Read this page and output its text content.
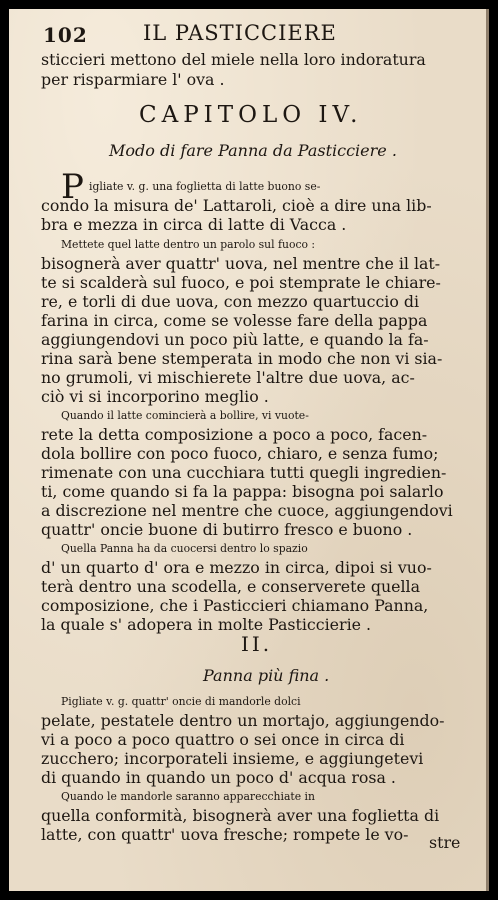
102	IL PASTICCIERE
sticcieri mettono del miele nella loro indoratura
per risparmiare l' ova .
CAPITOLO IV.
Modo di fare Panna da Pasticciere .
P igliate v. g. una foglietta di latte buono se-
condo la misura de' Lattaroli, cioè a dire una lib-
bra e mezza in circa di latte di Vacca .
Mettete quel latte dentro un parolo sul fuoco :
bisognerà aver quattr' uova, nel mentre che il lat-
te si scalderà sul fuoco, e poi stemprate le chiare-
re, e torli di due uova, con mezzo quartuccio di
farina in circa, come se volesse fare della pappa
aggiungendovi un poco più latte, e quando la fa-
rina sarà bene stemperata in modo che non vi sia-
no grumoli, vi mischierete l'altre due uova, ac-
ciò vi si incorporino meglio .
Quando il latte comincierà a bollire, vi vuote-
rete la detta composizione a poco a poco, facen-
dola bollire con poco fuoco, chiaro, e senza fumo;
rimenate con una cucchiara tutti quegli ingredien-
ti, come quando si fa la pappa: bisogna poi salarlo
a discrezione nel mentre che cuoce, aggiungendovi
quattr' oncie buone di butirro fresco e buono .
Quella Panna ha da cuocersi dentro lo spazio
d' un quarto d' ora e mezzo in circa, dipoi si vuo-
terà dentro una scodella, e conserverete quella
composizione, che i Pasticcieri chiamano Panna,
la quale s' adopera in molte Pasticcierie .
II.
Panna più fina .
Pigliate v. g. quattr' oncie di mandorle dolci
pelate, pestatele dentro un mortajo, aggiungendo-
vi a poco a poco quattro o sei once in circa di
zucchero; incorporateli insieme, e aggiungetevi
di quando in quando un poco d' acqua rosa .
Quando le mandorle saranno apparecchiate in
quella conformità, bisognerà aver una foglietta di
latte, con quattr' uova fresche; rompete le vo-	stre
